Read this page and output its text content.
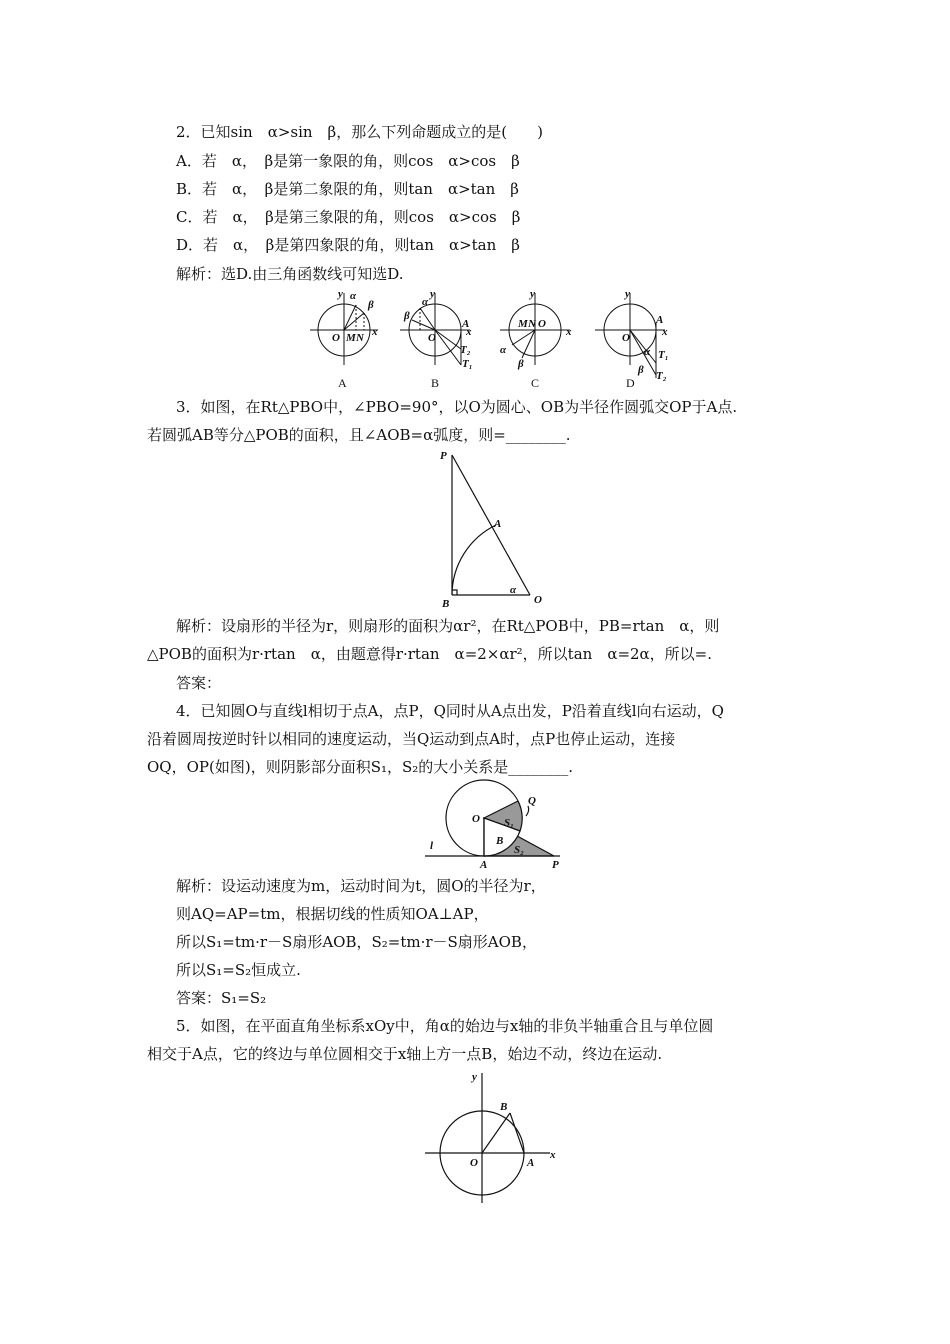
2．已知sin　α>sin　β，那么下列命题成立的是(　　)
A．若　α，　β是第一象限的角，则cos　α>cos　β
B．若　α，　β是第二象限的角，则tan　α>tan　β
C．若　α，　β是第三象限的角，则cos　α>cos　β
D．若　α，　β是第四象限的角，则tan　α>tan　β
解析：选D.由三角函数线可知选D.
y α
β
O M N x
y
α
β
O
A
x
T₂
T₁
y
M N O
x
α
β
y
O
A
x
α T₁
β T₂
A	B	C	D
3．如图，在Rt△PBO中，∠PBO=90°，以O为圆心、OB为半径作圆弧交OP于A点.
若圆弧AB等分△POB的面积，且∠AOB=α弧度，则=________.
P
A
B	O
α
解析：设扇形的半径为r，则扇形的面积为αr²，在Rt△POB中，PB=rtan　α，则
△POB的面积为r·rtan　α，由题意得r·rtan　α=2×αr²，所以tan　α=2α，所以=.
答案：
4．已知圆O与直线l相切于点A，点P，Q同时从A点出发，P沿着直线l向右运动，Q
沿着圆周按逆时针以相同的速度运动，当Q运动到点A时，点P也停止运动，连接
OQ，OP(如图)，则阴影部分面积S₁，S₂的大小关系是________.
O
Q
S₁
B
S₂
l
A	P
解析：设运动速度为m，运动时间为t，圆O的半径为r，
则AQ=AP=tm，根据切线的性质知OA⊥AP，
所以S₁=tm·r－S扇形AOB，S₂=tm·r－S扇形AOB，
所以S₁=S₂恒成立.
答案：S₁=S₂
5．如图，在平面直角坐标系xOy中，角α的始边与x轴的非负半轴重合且与单位圆
相交于A点，它的终边与单位圆相交于x轴上方一点B，始边不动，终边在运动.
y
B
O	A
x
